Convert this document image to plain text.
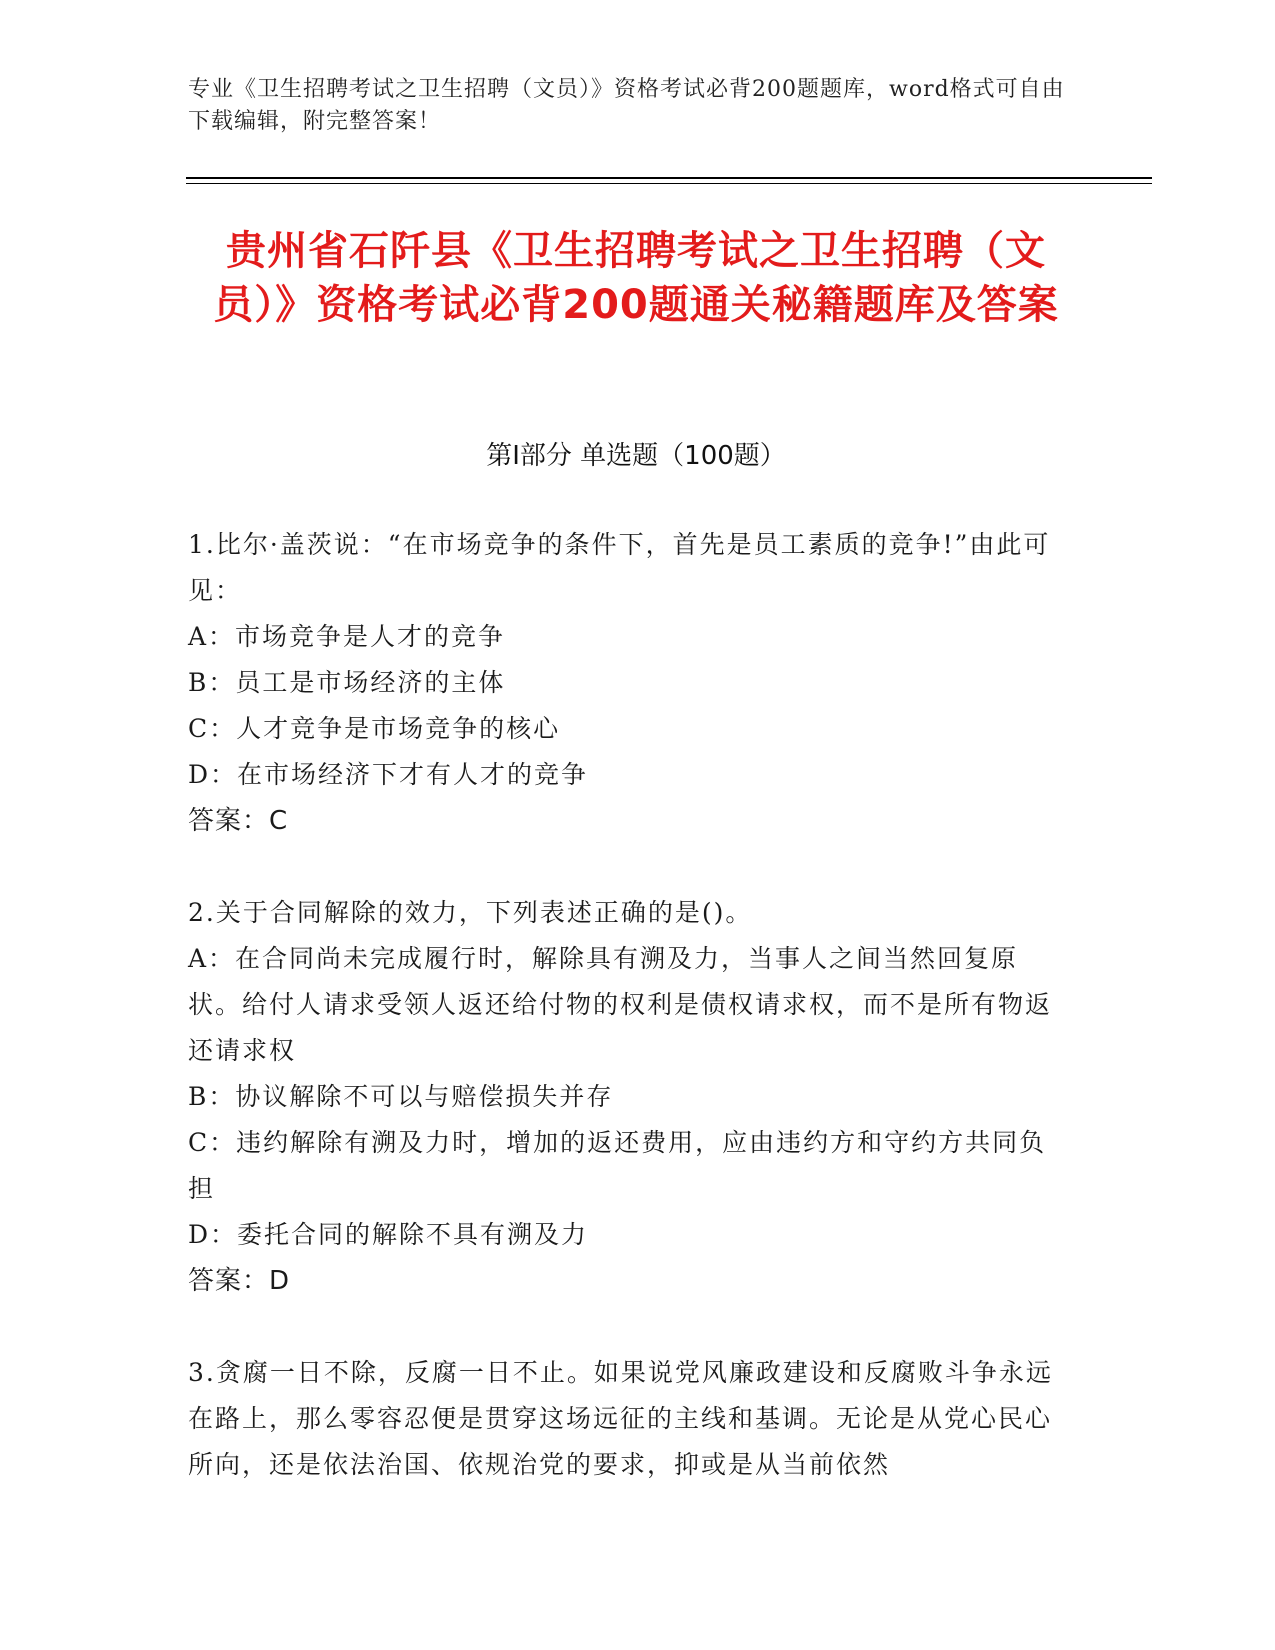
专业《卫生招聘考试之卫生招聘（文员）》资格考试必背200题题库，word格式可自由下载编辑，附完整答案！
贵州省石阡县《卫生招聘考试之卫生招聘（文员）》资格考试必背200题通关秘籍题库及答案
第Ⅰ部分 单选题（100题）

1.比尔·盖茨说：“在市场竞争的条件下，首先是员工素质的竞争!”由此可见：

A：市场竞争是人才的竞争

B：员工是市场经济的主体

C：人才竞争是市场竞争的核心

D：在市场经济下才有人才的竞争

答案：C

2.关于合同解除的效力，下列表述正确的是()。

A：在合同尚未完成履行时，解除具有溯及力，当事人之间当然回复原状。给付人请求受领人返还给付物的权利是债权请求权，而不是所有物返还请求权

B：协议解除不可以与赔偿损失并存

C：违约解除有溯及力时，增加的返还费用，应由违约方和守约方共同负担

D：委托合同的解除不具有溯及力

答案：D

3.贪腐一日不除，反腐一日不止。如果说党风廉政建设和反腐败斗争永远在路上，那么零容忍便是贯穿这场远征的主线和基调。无论是从党心民心所向，还是依法治国、依规治党的要求，抑或是从当前依然
